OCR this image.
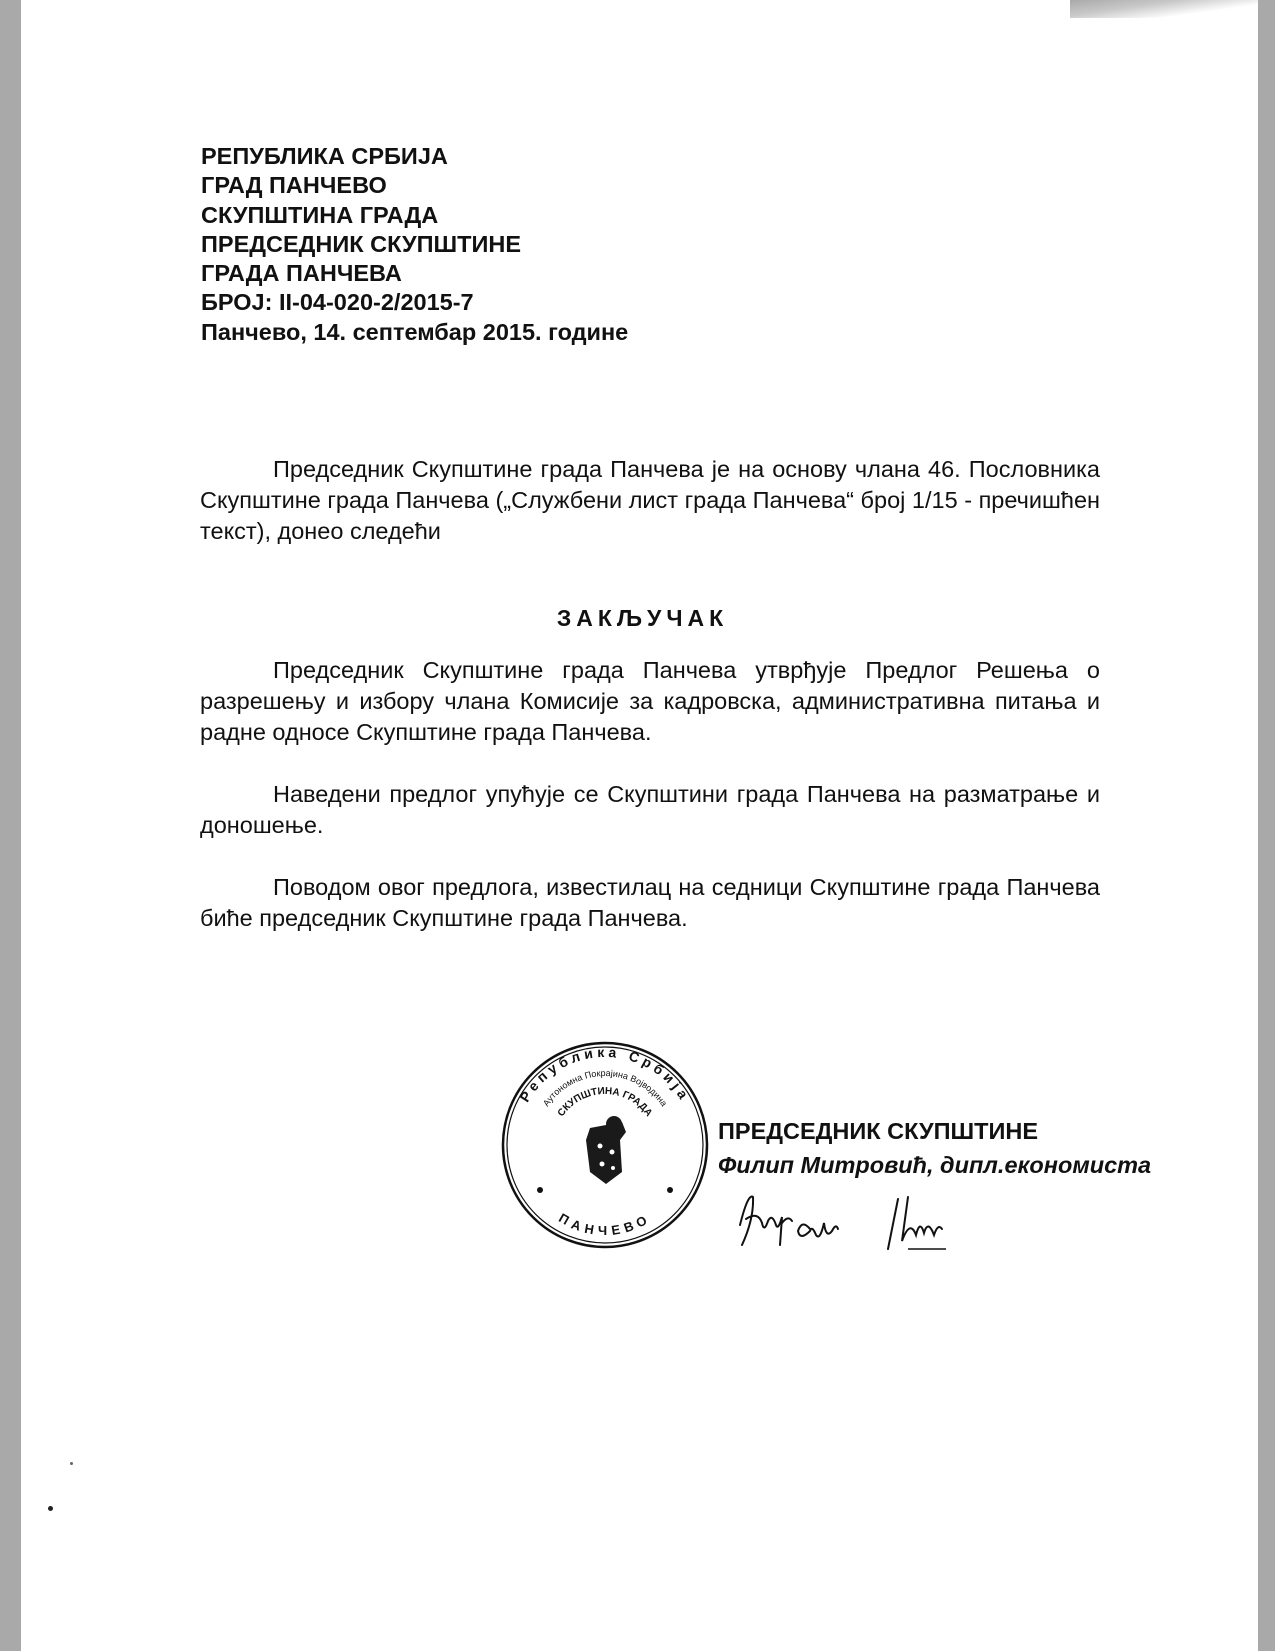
РЕПУБЛИКА СРБИЈА
ГРАД ПАНЧЕВО
СКУПШТИНА ГРАДА
ПРЕДСЕДНИК СКУПШТИНЕ
ГРАДА ПАНЧЕВА
БРОЈ: II-04-020-2/2015-7
Панчево, 14. септембар 2015. године
Председник Скупштине града Панчева је на основу члана 46. Пословника Скупштине града Панчева („Службени лист града Панчева“ број 1/15 - пречишћен текст), донео следећи
ЗАКЉУЧАК
Председник Скупштине града Панчева утврђује Предлог Решења о разрешењу и избору члана Комисије за кадровска, административна питања и радне односе Скупштине града Панчева.
Наведени предлог упућује се Скупштини града Панчева на разматрање и доношење.
Поводом овог предлога, известилац на седници Скупштине града Панчева биће председник Скупштине града Панчева.
Република Србија
Аутономна Покрајина Војводина
СКУПШТИНА ГРАДА
ПАНЧЕВО
ПРЕДСЕДНИК СКУПШТИНЕ
Филип Митровић, дипл.економиста
